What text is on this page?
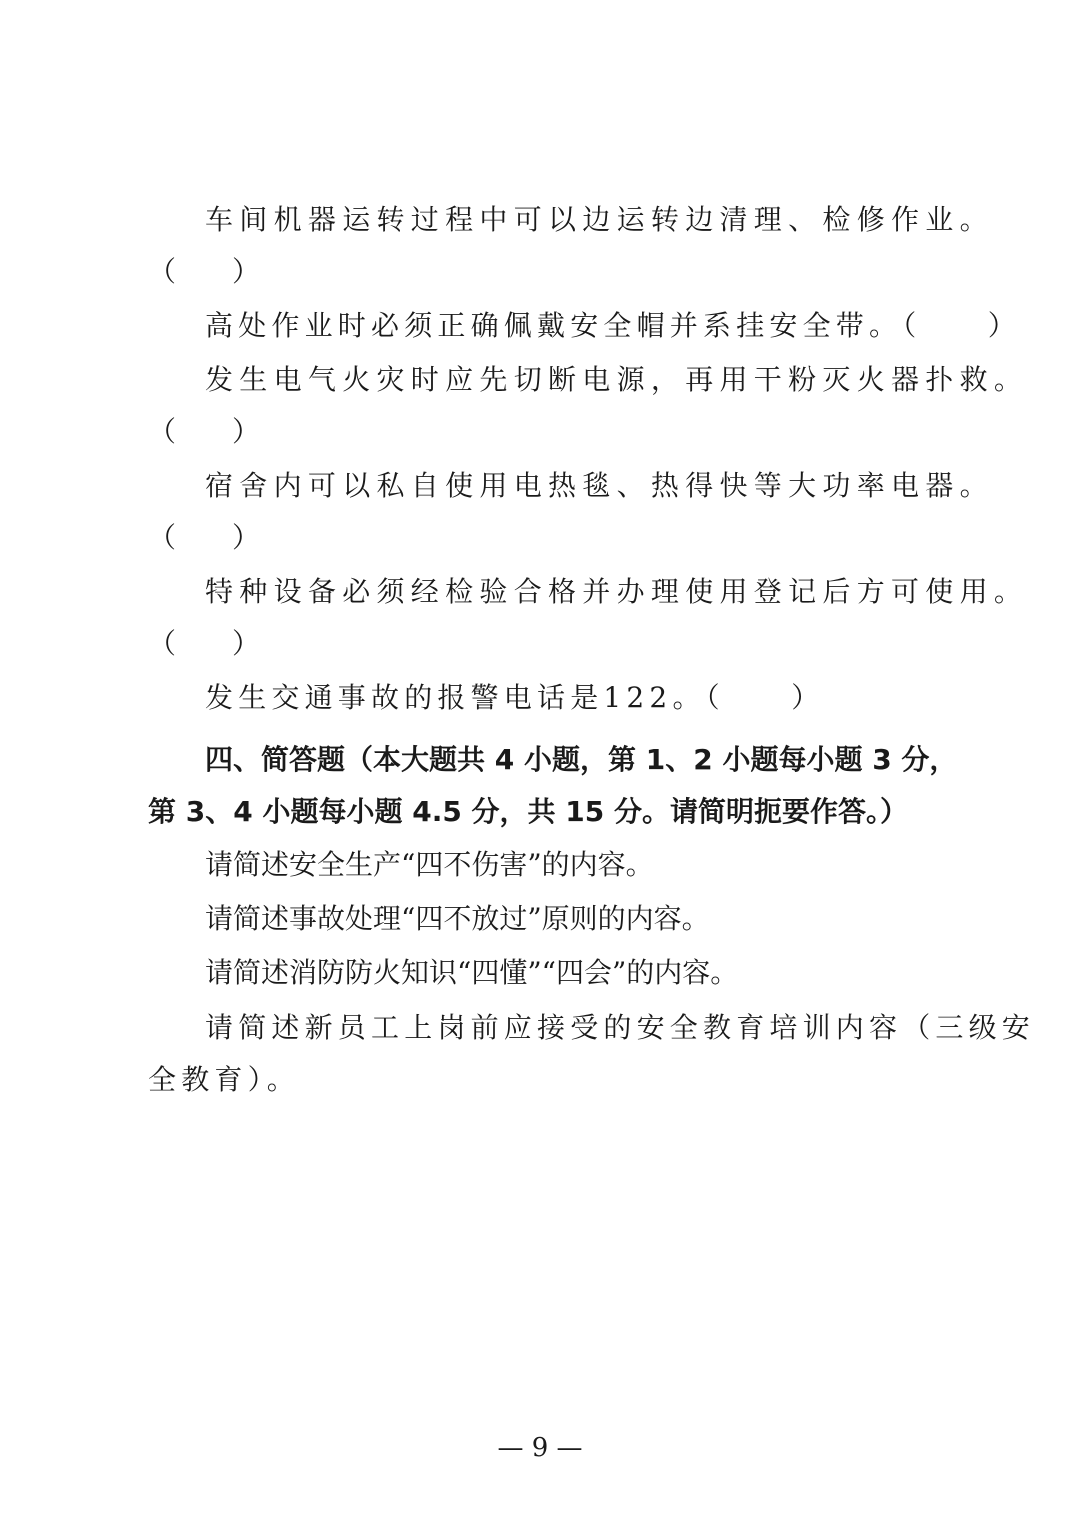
车间机器运转过程中可以边运转边清理、检修作业。
（　　）
高处作业时必须正确佩戴安全帽并系挂安全带。（　　）
发生电气火灾时应先切断电源，再用干粉灭火器扑救。
（　　）
宿舍内可以私自使用电热毯、热得快等大功率电器。
（　　）
特种设备必须经检验合格并办理使用登记后方可使用。
（　　）
发生交通事故的报警电话是122。（　　）
四、简答题（本大题共 4 小题，第 1、2 小题每小题 3 分，
第 3、4 小题每小题 4.5 分，共 15 分。请简明扼要作答。）
请简述安全生产“四不伤害”的内容。
请简述事故处理“四不放过”原则的内容。
请简述消防防火知识“四懂”“四会”的内容。
请简述新员工上岗前应接受的安全教育培训内容（三级安
全教育）。
— 9 —
